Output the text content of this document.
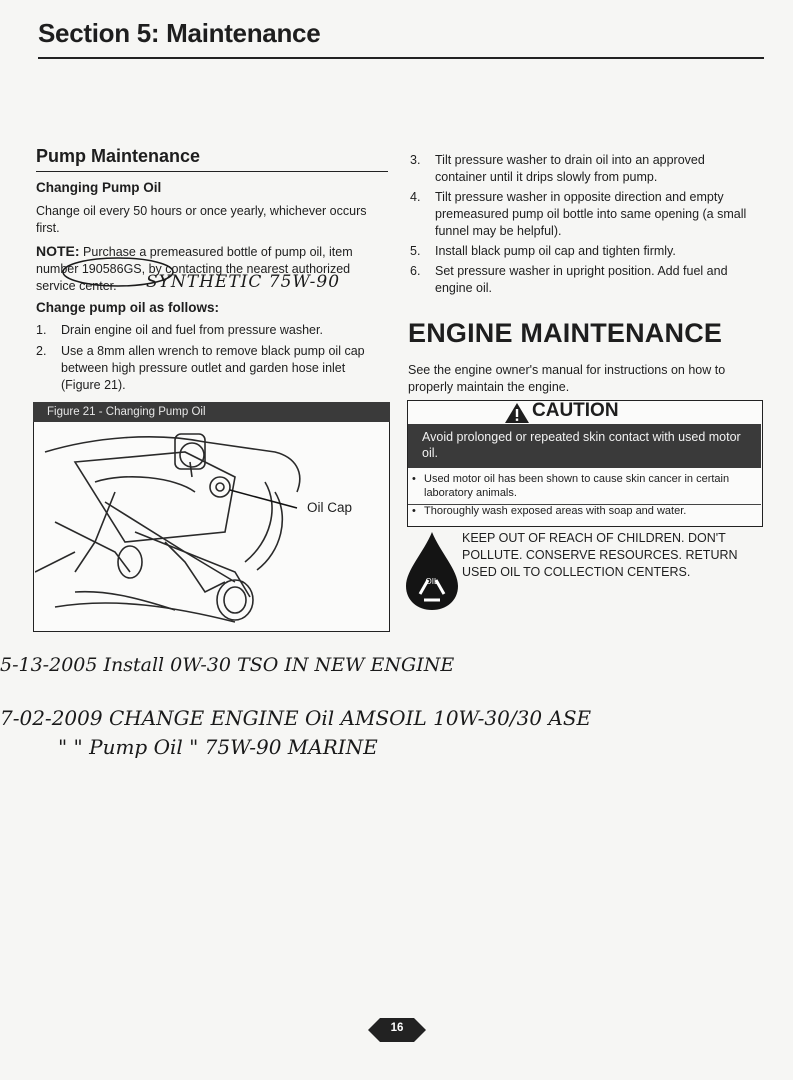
Section 5: Maintenance
Pump Maintenance
Changing Pump Oil
Change oil every 50 hours or once yearly, whichever occurs first.
NOTE: Purchase a premeasured bottle of pump oil, item number 190586GS, by contacting the nearest authorized service center.	SYNTHETIC 75W-90
Change pump oil as follows:
1. Drain engine oil and fuel from pressure washer.
2. Use a 8mm allen wrench to remove black pump oil cap between high pressure outlet and garden hose inlet (Figure 21).
Figure 21 - Changing Pump Oil
Oil Cap
3. Tilt pressure washer to drain oil into an approved container until it drips slowly from pump.
4. Tilt pressure washer in opposite direction and empty premeasured pump oil bottle into same opening (a small funnel may be helpful).
5. Install black pump oil cap and tighten firmly.
6. Set pressure washer in upright position. Add fuel and engine oil.
ENGINE MAINTENANCE
See the engine owner's manual for instructions on how to properly maintain the engine.
CAUTION
Avoid prolonged or repeated skin contact with used motor oil.
• Used motor oil has been shown to cause skin cancer in certain laboratory animals.
• Thoroughly wash exposed areas with soap and water.
OIL
KEEP OUT OF REACH OF CHILDREN. DON'T POLLUTE. CONSERVE RESOURCES. RETURN USED OIL TO COLLECTION CENTERS.
5-13-2005 Install 0W-30 TSO IN NEW ENGINE
7-02-2009 CHANGE ENGINE Oil AMSOIL 10W-30/30 ASE
" " Pump Oil " 75W-90 MARINE
16
